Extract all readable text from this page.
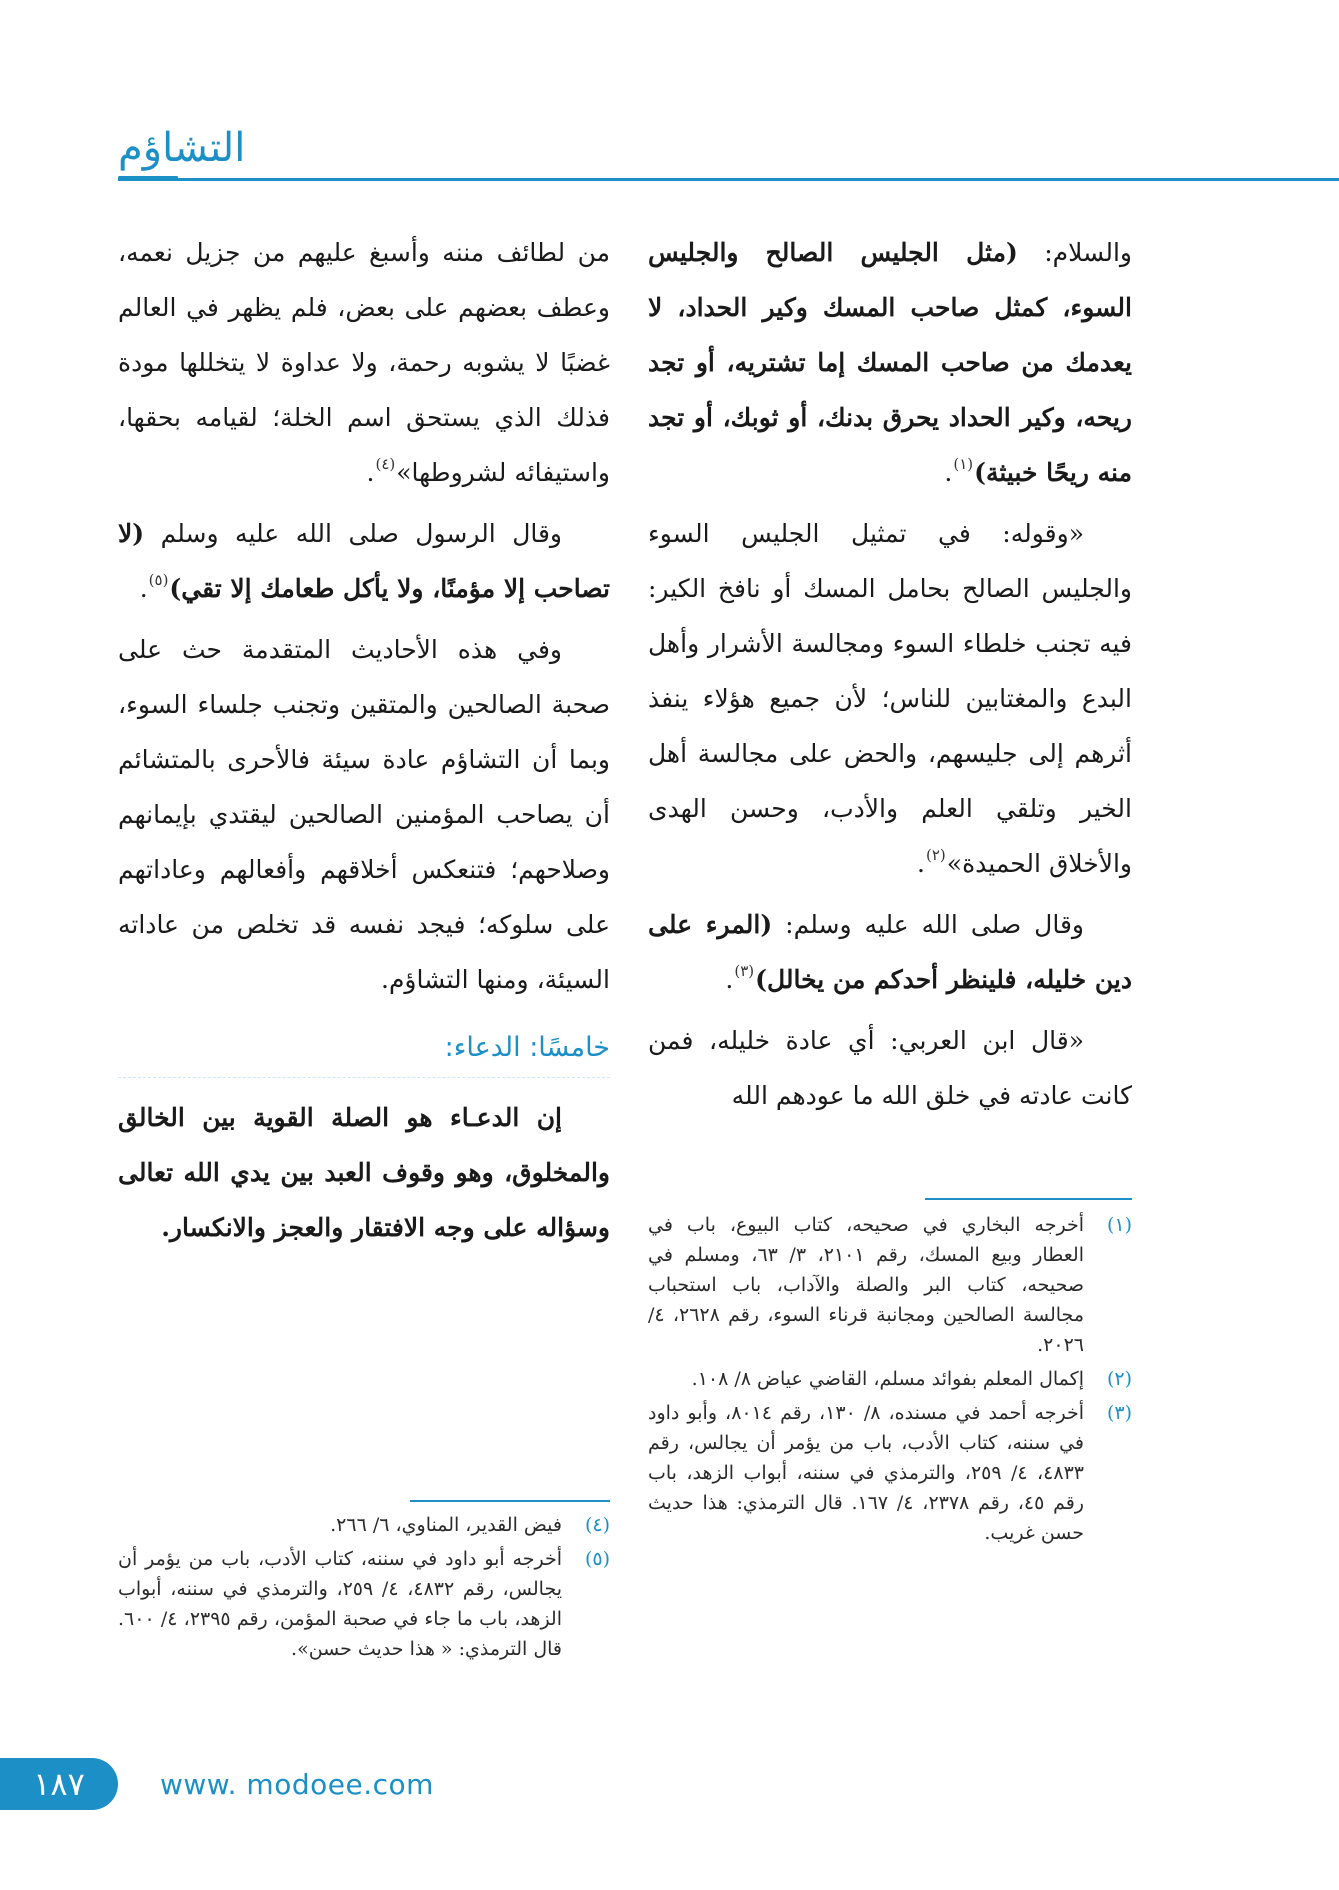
التشاؤم

والسلام: (مثل الجليس الصالح والجليس السوء، كمثل صاحب المسك وكير الحداد، لا يعدمك من صاحب المسك إما تشتريه، أو تجد ريحه، وكير الحداد يحرق بدنك، أو ثوبك، أو تجد منه ريحًا خبيثة)$^{(١)}$.

«وقوله: في تمثيل الجليس السوء والجليس الصالح بحامل المسك أو نافخ الكير: فيه تجنب خلطاء السوء ومجالسة الأشرار وأهل البدع والمغتابين للناس؛ لأن جميع هؤلاء ينفذ أثرهم إلى جليسهم، والحض على مجالسة أهل الخير وتلقي العلم والأدب، وحسن الهدى والأخلاق الحميدة»$^{(٢)}$.

وقال صلى الله عليه وسلم: (المرء على دين خليله، فلينظر أحدكم من يخالل)$^{(٣)}$.

«قال ابن العربي: أي عادة خليله، فمن كانت عادته في خلق الله ما عودهم الله

(١)
أخرجه البخاري في صحيحه، كتاب البيوع، باب في العطار وبيع المسك، رقم ٢١٠١، ٣/ ٦٣، ومسلم في صحيحه، كتاب البر والصلة والآداب، باب استحباب مجالسة الصالحين ومجانبة قرناء السوء، رقم ٢٦٢٨، ٤/ ٢٠٢٦.
(٢)
إكمال المعلم بفوائد مسلم، القاضي عياض ٨/ ١٠٨.
(٣)
أخرجه أحمد في مسنده، ٨/ ١٣٠، رقم ٨٠١٤، وأبو داود في سننه، كتاب الأدب، باب من يؤمر أن يجالس، رقم ٤٨٣٣، ٤/ ٢٥٩، والترمذي في سننه، أبواب الزهد، باب رقم ٤٥، رقم ٢٣٧٨، ٤/ ١٦٧. قال الترمذي: هذا حديث حسن غريب.

من لطائف مننه وأسبغ عليهم من جزيل نعمه، وعطف بعضهم على بعض، فلم يظهر في العالم غضبًا لا يشوبه رحمة، ولا عداوة لا يتخللها مودة فذلك الذي يستحق اسم الخلة؛ لقيامه بحقها، واستيفائه لشروطها»$^{(٤)}$.

وقال الرسول صلى الله عليه وسلم (لا تصاحب إلا مؤمنًا، ولا يأكل طعامك إلا تقي)$^{(٥)}$.

وفي هذه الأحاديث المتقدمة حث على صحبة الصالحين والمتقين وتجنب جلساء السوء، وبما أن التشاؤم عادة سيئة فالأحرى بالمتشائم أن يصاحب المؤمنين الصالحين ليقتدي بإيمانهم وصلاحهم؛ فتنعكس أخلاقهم وأفعالهم وعاداتهم على سلوكه؛ فيجد نفسه قد تخلص من عاداته السيئة، ومنها التشاؤم.

خامسًا: الدعاء:

إن الدعـاء هو الصلة القوية بين الخالق والمخلوق، وهو وقوف العبد بين يدي الله تعالى وسؤاله على وجه الافتقار والعجز والانكسار.

(٤)
فيض القدير، المناوي، ٦/ ٢٦٦.
(٥)
أخرجه أبو داود في سننه، كتاب الأدب، باب من يؤمر أن يجالس، رقم ٤٨٣٢، ٤/ ٢٥٩، والترمذي في سننه، أبواب الزهد، باب ما جاء في صحبة المؤمن، رقم ٢٣٩٥، ٤/ ٦٠٠. قال الترمذي: « هذا حديث حسن».
١٨٧	www. modoee.com
